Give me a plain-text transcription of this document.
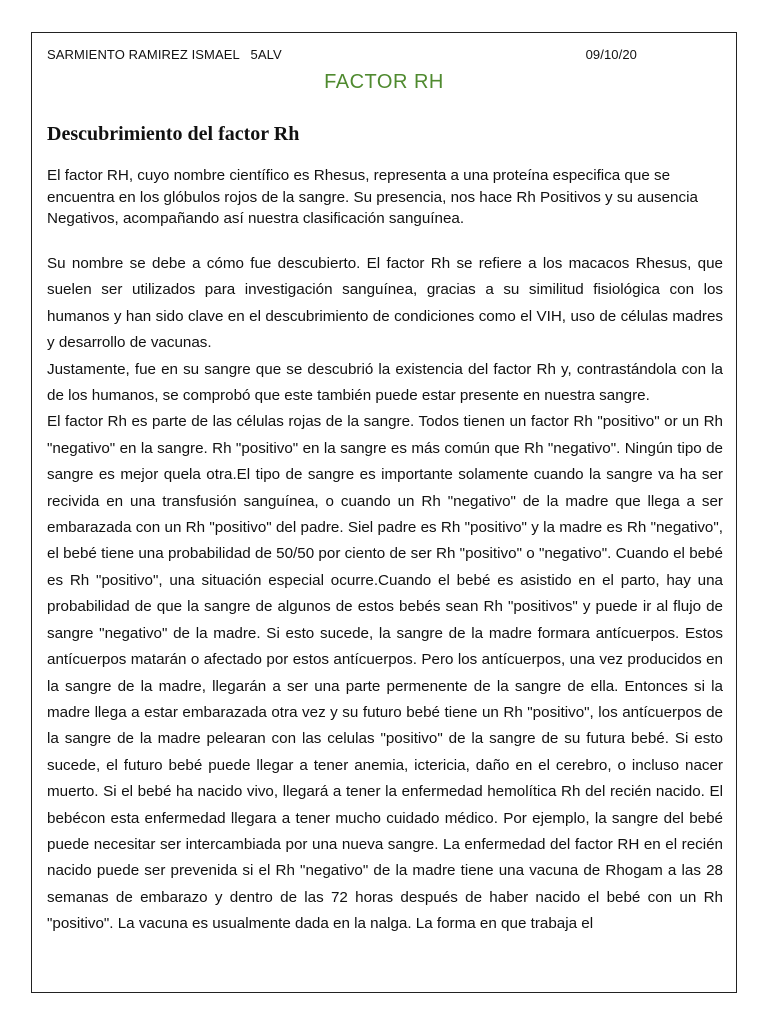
SARMIENTO RAMIREZ ISMAEL   5ALV	09/10/20
FACTOR RH
Descubrimiento del factor Rh
El factor RH, cuyo nombre científico es Rhesus, representa a una proteína especifica que se encuentra en los glóbulos rojos de la sangre. Su presencia, nos hace Rh Positivos y su ausencia Negativos, acompañando así nuestra clasificación sanguínea.

Su nombre se debe a cómo fue descubierto. El factor Rh se refiere a los macacos Rhesus, que suelen ser utilizados para investigación sanguínea, gracias a su similitud fisiológica con los humanos y han sido clave en el descubrimiento de condiciones como el VIH, uso de células madres y desarrollo de vacunas.

Justamente, fue en su sangre que se descubrió la existencia del factor Rh y, contrastándola con la de los humanos, se comprobó que este también puede estar presente en nuestra sangre.

El factor Rh es parte de las células rojas de la sangre. Todos tienen un factor Rh "positivo" or un Rh "negativo" en la sangre. Rh "positivo" en la sangre es más común que Rh "negativo". Ningún tipo de sangre es mejor quela otra.El tipo de sangre es importante solamente cuando la sangre va ha ser recivida en una transfusión sanguínea, o cuando un Rh "negativo" de la madre que llega a ser embarazada con un Rh "positivo" del padre. Siel padre es Rh "positivo" y la madre es Rh "negativo", el bebé tiene una probabilidad de 50/50 por ciento de ser Rh "positivo" o "negativo". Cuando el bebé es Rh "positivo", una situación especial ocurre.Cuando el bebé es asistido en el parto, hay una probabilidad de que la sangre de algunos de estos bebés sean Rh "positivos" y puede ir al flujo de sangre "negativo" de la madre. Si esto sucede, la sangre de la madre formara antícuerpos. Estos antícuerpos matarán o afectado por estos antícuerpos. Pero los antícuerpos, una vez producidos en la sangre de la madre, llegarán a ser una parte permenente de la sangre de ella. Entonces si la madre llega a estar embarazada otra vez y su futuro bebé tiene un Rh "positivo", los antícuerpos de la sangre de la madre pelearan con las celulas "positivo" de la sangre de su futura bebé. Si esto sucede, el futuro bebé puede llegar a tener anemia, ictericia, daño en el cerebro, o incluso nacer muerto. Si el bebé ha nacido vivo, llegará a tener la enfermedad hemolítica Rh del recién nacido. El bebécon esta enfermedad llegara a tener mucho cuidado médico. Por ejemplo, la sangre del bebé puede necesitar ser intercambiada por una nueva sangre. La enfermedad del factor RH en el recién nacido puede ser prevenida si el Rh "negativo" de la madre tiene una vacuna de Rhogam a las 28 semanas de embarazo y dentro de las 72 horas después de haber nacido el bebé con un Rh "positivo". La vacuna es usualmente dada en la nalga. La forma en que trabaja el
